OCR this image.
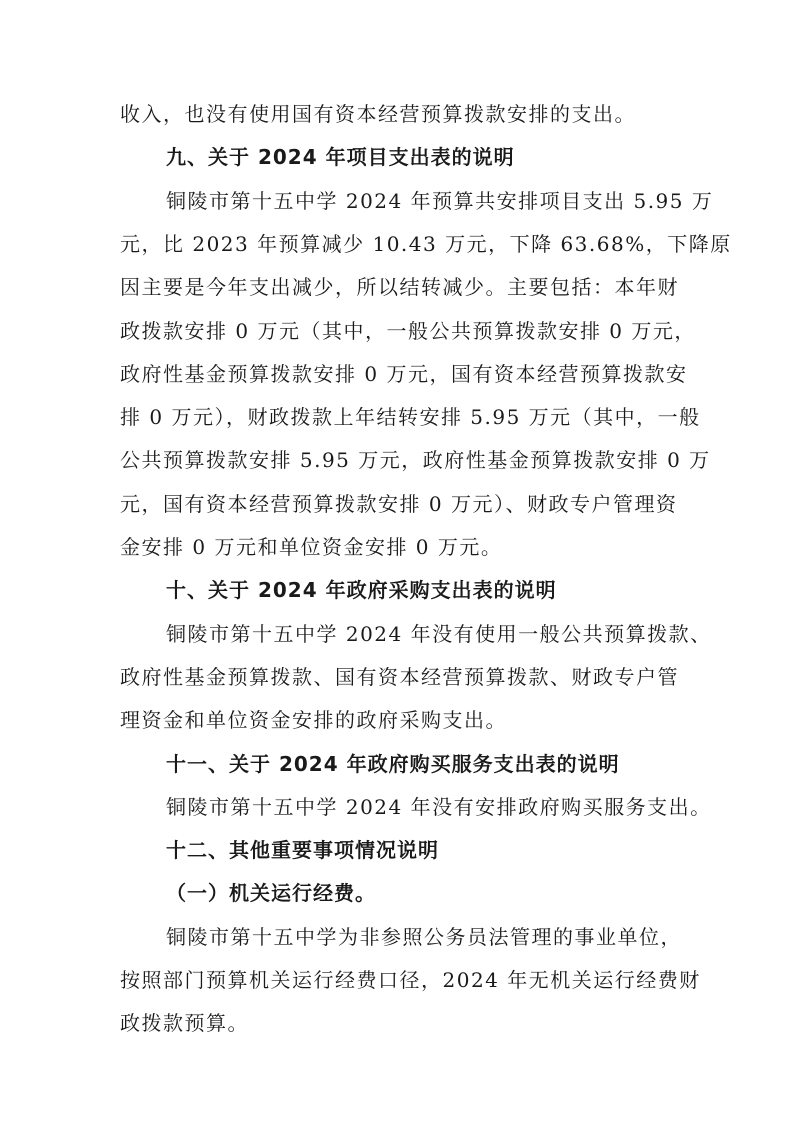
收入，也没有使用国有资本经营预算拨款安排的支出。
九、关于 2024 年项目支出表的说明
铜陵市第十五中学 2024 年预算共安排项目支出 5.95 万
元，比 2023 年预算减少 10.43 万元，下降 63.68%，下降原
因主要是今年支出减少，所以结转减少。主要包括：本年财
政拨款安排 0 万元（其中，一般公共预算拨款安排 0 万元，
政府性基金预算拨款安排 0 万元，国有资本经营预算拨款安
排 0 万元），财政拨款上年结转安排 5.95 万元（其中，一般
公共预算拨款安排 5.95 万元，政府性基金预算拨款安排 0 万
元，国有资本经营预算拨款安排 0 万元）、财政专户管理资
金安排 0 万元和单位资金安排 0 万元。
十、关于 2024 年政府采购支出表的说明
铜陵市第十五中学 2024 年没有使用一般公共预算拨款、
政府性基金预算拨款、国有资本经营预算拨款、财政专户管
理资金和单位资金安排的政府采购支出。
十一、关于 2024 年政府购买服务支出表的说明
铜陵市第十五中学 2024 年没有安排政府购买服务支出。
十二、其他重要事项情况说明
（一）机关运行经费。
铜陵市第十五中学为非参照公务员法管理的事业单位，
按照部门预算机关运行经费口径，2024 年无机关运行经费财
政拨款预算。
